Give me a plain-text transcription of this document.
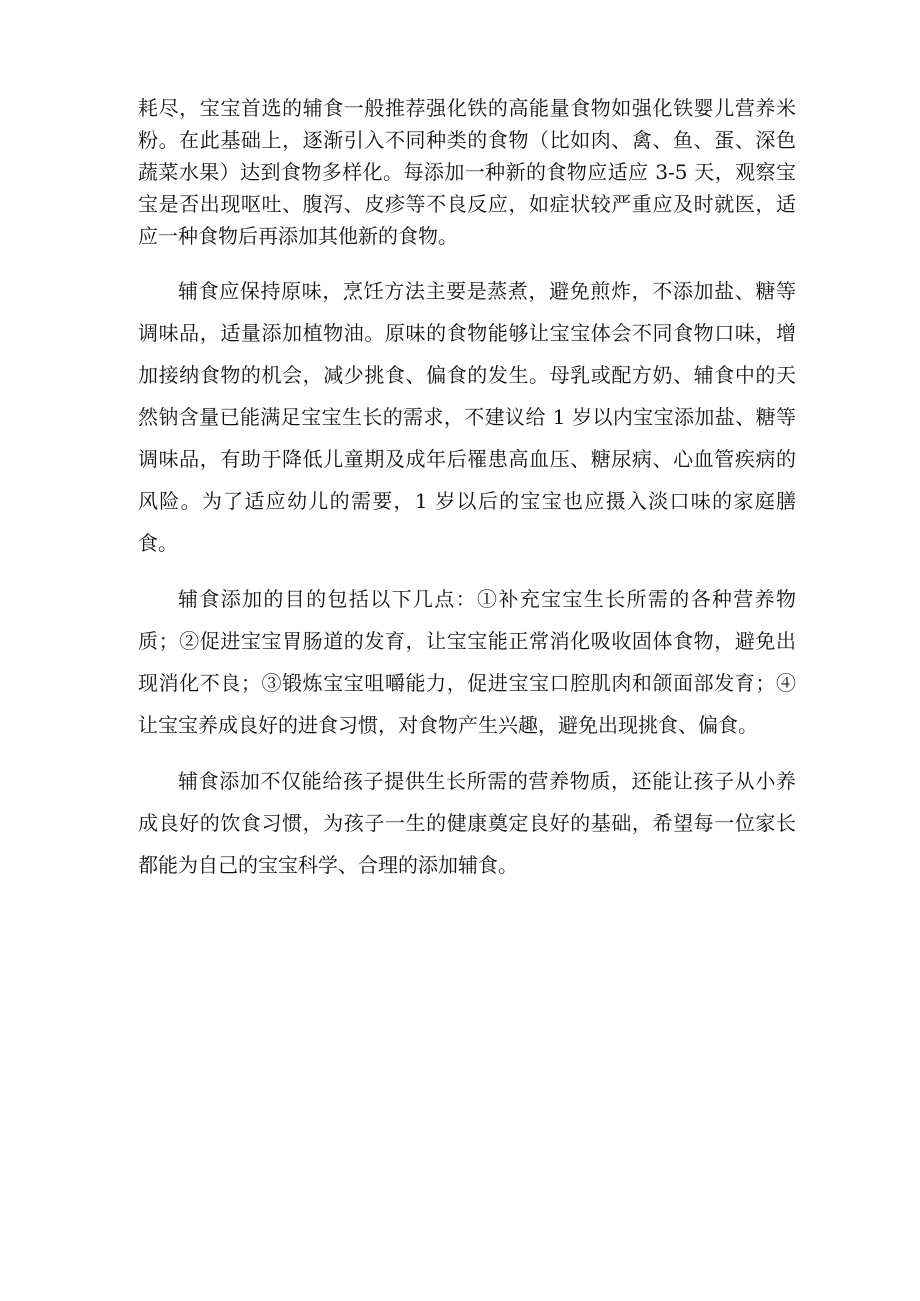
耗尽，宝宝首选的辅食一般推荐强化铁的高能量食物如强化铁婴儿营养米粉。在此基础上，逐渐引入不同种类的食物（比如肉、禽、鱼、蛋、深色蔬菜水果）达到食物多样化。每添加一种新的食物应适应 3-5 天，观察宝宝是否出现呕吐、腹泻、皮疹等不良反应，如症状较严重应及时就医，适应一种食物后再添加其他新的食物。

辅食应保持原味，烹饪方法主要是蒸煮，避免煎炸，不添加盐、糖等调味品，适量添加植物油。原味的食物能够让宝宝体会不同食物口味，增加接纳食物的机会，减少挑食、偏食的发生。母乳或配方奶、辅食中的天然钠含量已能满足宝宝生长的需求，不建议给 1 岁以内宝宝添加盐、糖等调味品，有助于降低儿童期及成年后罹患高血压、糖尿病、心血管疾病的风险。为了适应幼儿的需要，1 岁以后的宝宝也应摄入淡口味的家庭膳食。

辅食添加的目的包括以下几点：①补充宝宝生长所需的各种营养物质；②促进宝宝胃肠道的发育，让宝宝能正常消化吸收固体食物，避免出现消化不良；③锻炼宝宝咀嚼能力，促进宝宝口腔肌肉和颌面部发育；④让宝宝养成良好的进食习惯，对食物产生兴趣，避免出现挑食、偏食。

辅食添加不仅能给孩子提供生长所需的营养物质，还能让孩子从小养成良好的饮食习惯，为孩子一生的健康奠定良好的基础，希望每一位家长都能为自己的宝宝科学、合理的添加辅食。
